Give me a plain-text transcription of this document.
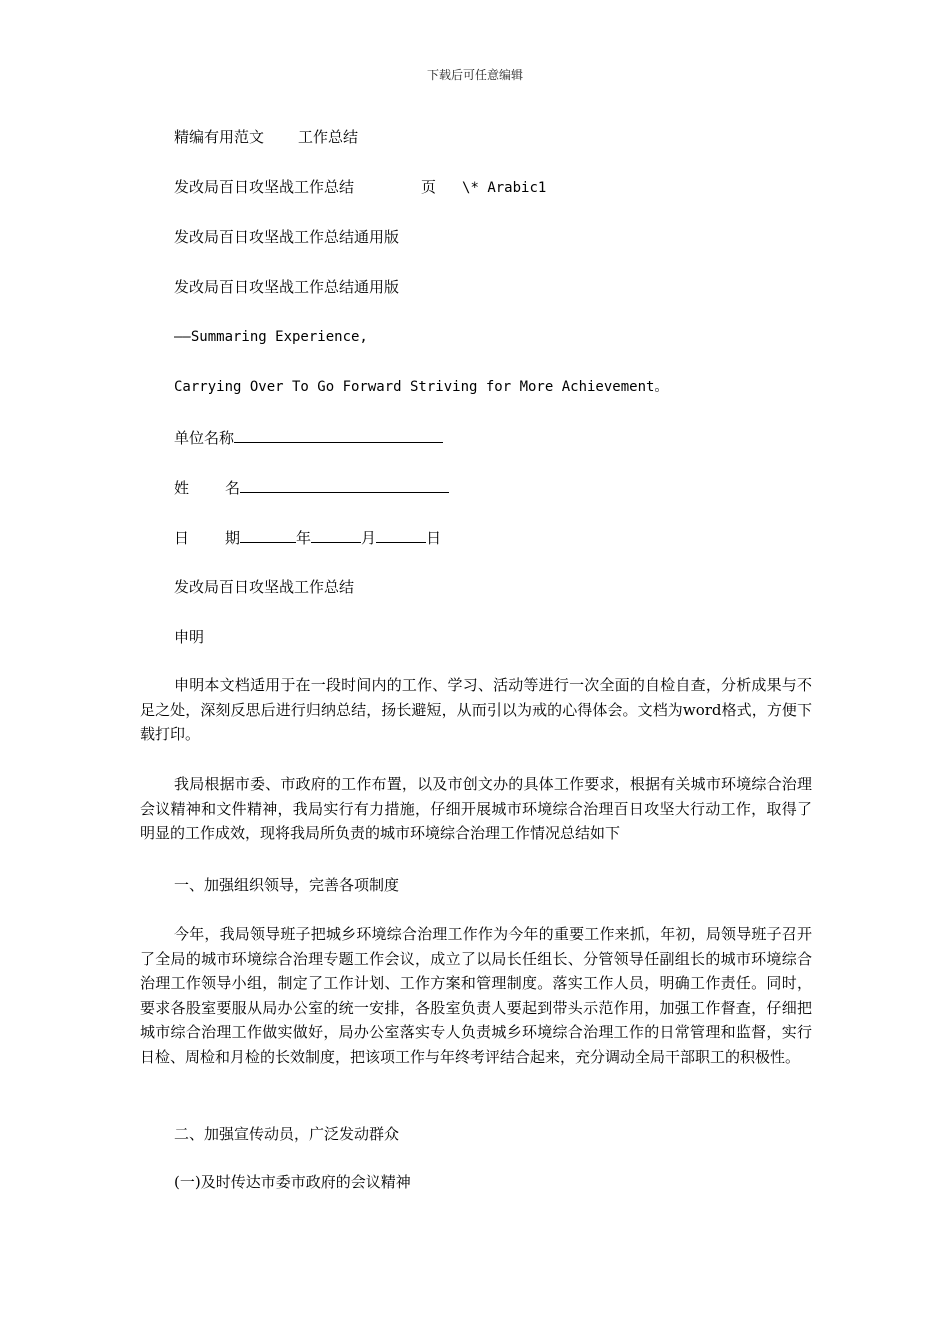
下载后可任意编辑
精编有用范文 工作总结
发改局百日攻坚战工作总结	页 \* Arabic1
发改局百日攻坚战工作总结通用版
发改局百日攻坚战工作总结通用版
——Summaring Experience,
Carrying Over To Go Forward Striving for More Achievement。
单位名称
姓 名
日 期	年	月	日
发改局百日攻坚战工作总结
申明

申明本文档适用于在一段时间内的工作、学习、活动等进行一次全面的自检自查，分析成果与不足之处，深刻反思后进行归纳总结，扬长避短，从而引以为戒的心得体会。文档为word格式，方便下载打印。

我局根据市委、市政府的工作布置，以及市创文办的具体工作要求，根据有关城市环境综合治理会议精神和文件精神，我局实行有力措施，仔细开展城市环境综合治理百日攻坚大行动工作，取得了明显的工作成效，现将我局所负责的城市环境综合治理工作情况总结如下

一、加强组织领导，完善各项制度

今年，我局领导班子把城乡环境综合治理工作作为今年的重要工作来抓，年初，局领导班子召开了全局的城市环境综合治理专题工作会议，成立了以局长任组长、分管领导任副组长的城市环境综合治理工作领导小组，制定了工作计划、工作方案和管理制度。落实工作人员，明确工作责任。同时，要求各股室要服从局办公室的统一安排，各股室负责人要起到带头示范作用，加强工作督查，仔细把城市综合治理工作做实做好，局办公室落实专人负责城乡环境综合治理工作的日常管理和监督，实行日检、周检和月检的长效制度，把该项工作与年终考评结合起来，充分调动全局干部职工的积极性。

二、加强宣传动员，广泛发动群众
(一)及时传达市委市政府的会议精神
